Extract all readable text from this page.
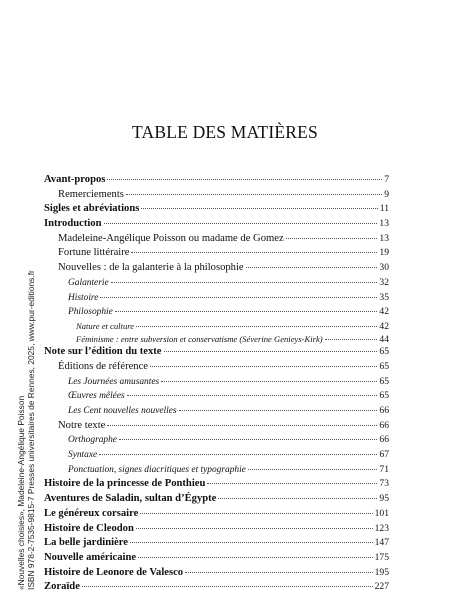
«Nouvelles choisies», Madeleine-Angélique Poisson ISBN 978-2-7535-9815-7 Presses universitaires de Rennes, 2025, www.pur-editions.fr
TABLE DES MATIÈRES
Avant-propos	7
Remerciements	9
Sigles et abréviations	11
Introduction	13
Madeleine-Angélique Poisson ou madame de Gomez	13
Fortune littéraire	19
Nouvelles : de la galanterie à la philosophie	30
Galanterie	32
Histoire	35
Philosophie	42
Nature et culture	42
Féminisme : entre subversion et conservatisme (Séverine Genieys-Kirk)	44
Note sur l’édition du texte	65
Éditions de référence	65
Les Journées amusantes	65
Œuvres mêlées	65
Les Cent nouvelles nouvelles	66
Notre texte	66
Orthographe	66
Syntaxe	67
Ponctuation, signes diacritiques et typographie	71
Histoire de la princesse de Ponthieu	73
Aventures de Saladin, sultan d’Égypte	95
Le généreux corsaire	101
Histoire de Cleodon	123
La belle jardinière	147
Nouvelle américaine	175
Histoire de Leonore de Valesco	195
Zoraïde	227
